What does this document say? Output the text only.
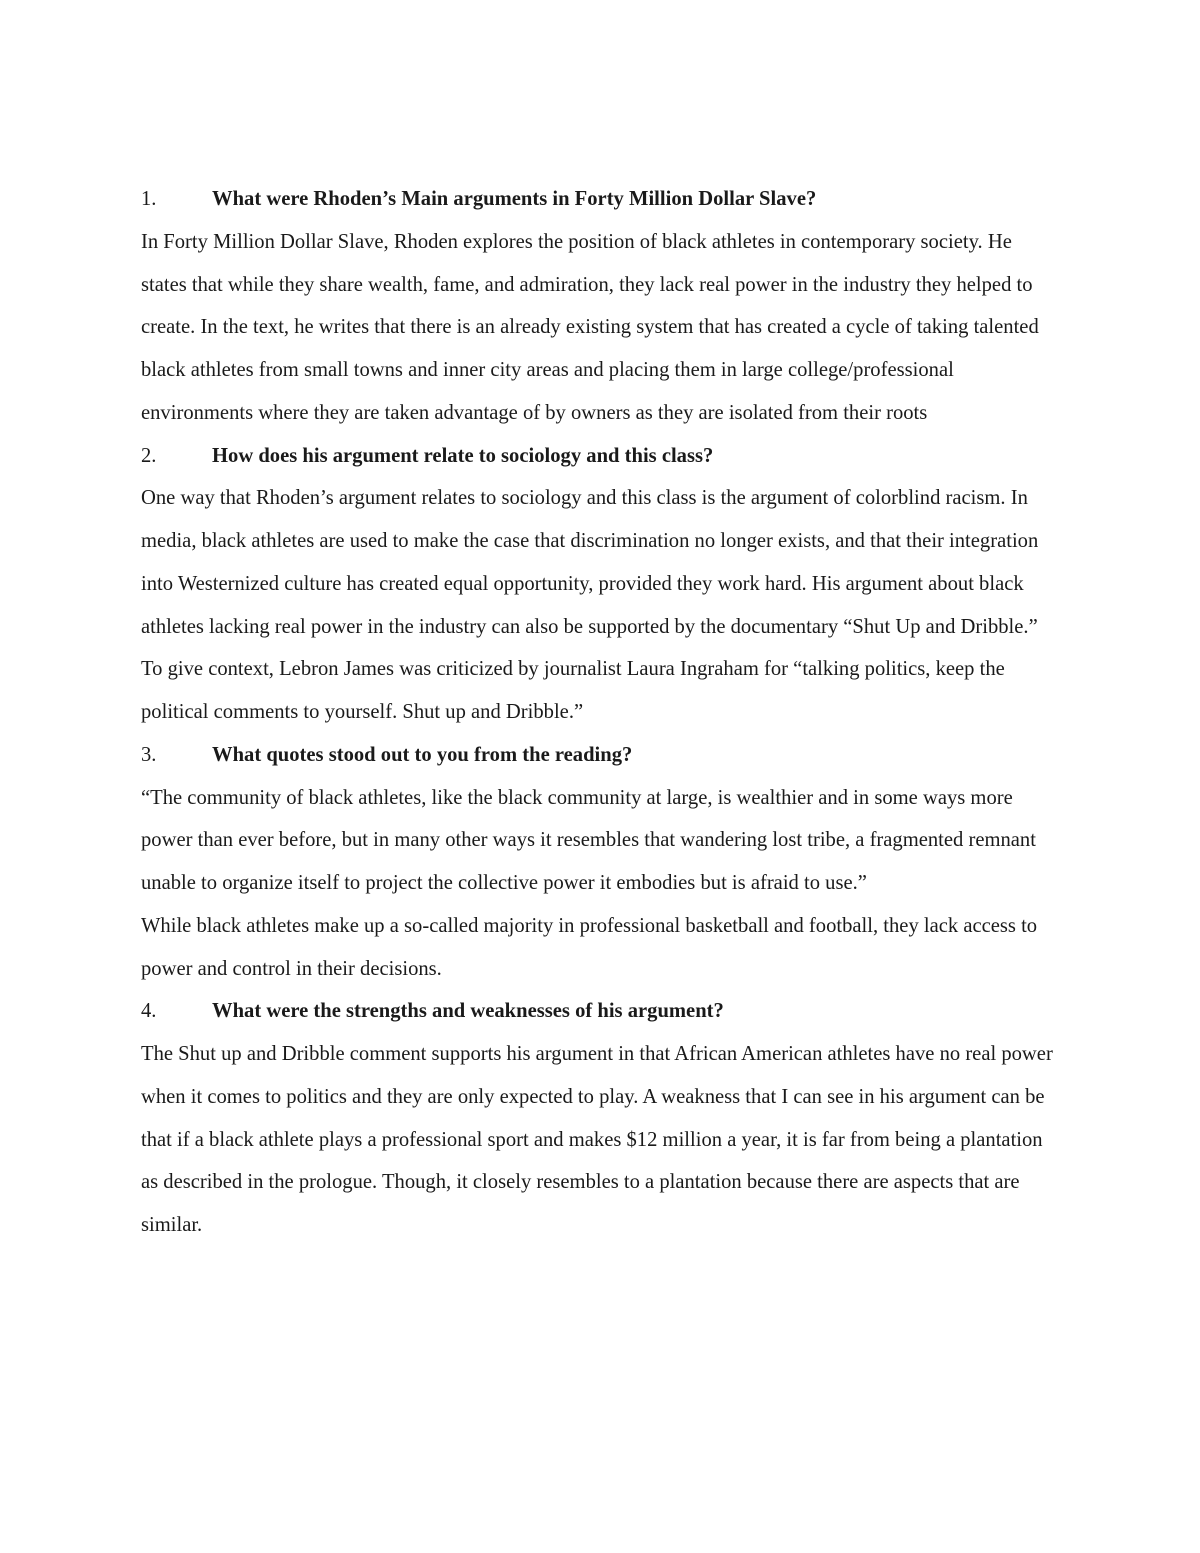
1.	What were Rhoden’s Main arguments in Forty Million Dollar Slave?

In Forty Million Dollar Slave, Rhoden explores the position of black athletes in contemporary society. He states that while they share wealth, fame, and admiration, they lack real power in the industry they helped to create. In the text, he writes that there is an already existing system that has created a cycle of taking talented black athletes from small towns and inner city areas and placing them in large college/professional environments where they are taken advantage of by owners as they are isolated from their roots

2.	How does his argument relate to sociology and this class?

One way that Rhoden’s argument relates to sociology and this class is the argument of colorblind racism. In media, black athletes are used to make the case that discrimination no longer exists, and that their integration into Westernized culture has created equal opportunity, provided they work hard. His argument about black athletes lacking real power in the industry can also be supported by the documentary “Shut Up and Dribble.” To give context, Lebron James was criticized by journalist Laura Ingraham for “talking politics, keep the political comments to yourself. Shut up and Dribble.”

3.	What quotes stood out to you from the reading?

“The community of black athletes, like the black community at large, is wealthier and in some ways more power than ever before, but in many other ways it resembles that wandering lost tribe, a fragmented remnant unable to organize itself to project the collective power it embodies but is afraid to use.”

While black athletes make up a so-called majority in professional basketball and football, they lack access to power and control in their decisions.

4.	What were the strengths and weaknesses of his argument?

The Shut up and Dribble comment supports his argument in that African American athletes have no real power when it comes to politics and they are only expected to play. A weakness that I can see in his argument can be that if a black athlete plays a professional sport and makes $12 million a year, it is far from being a plantation as described in the prologue. Though, it closely resembles to a plantation because there are aspects that are similar.
